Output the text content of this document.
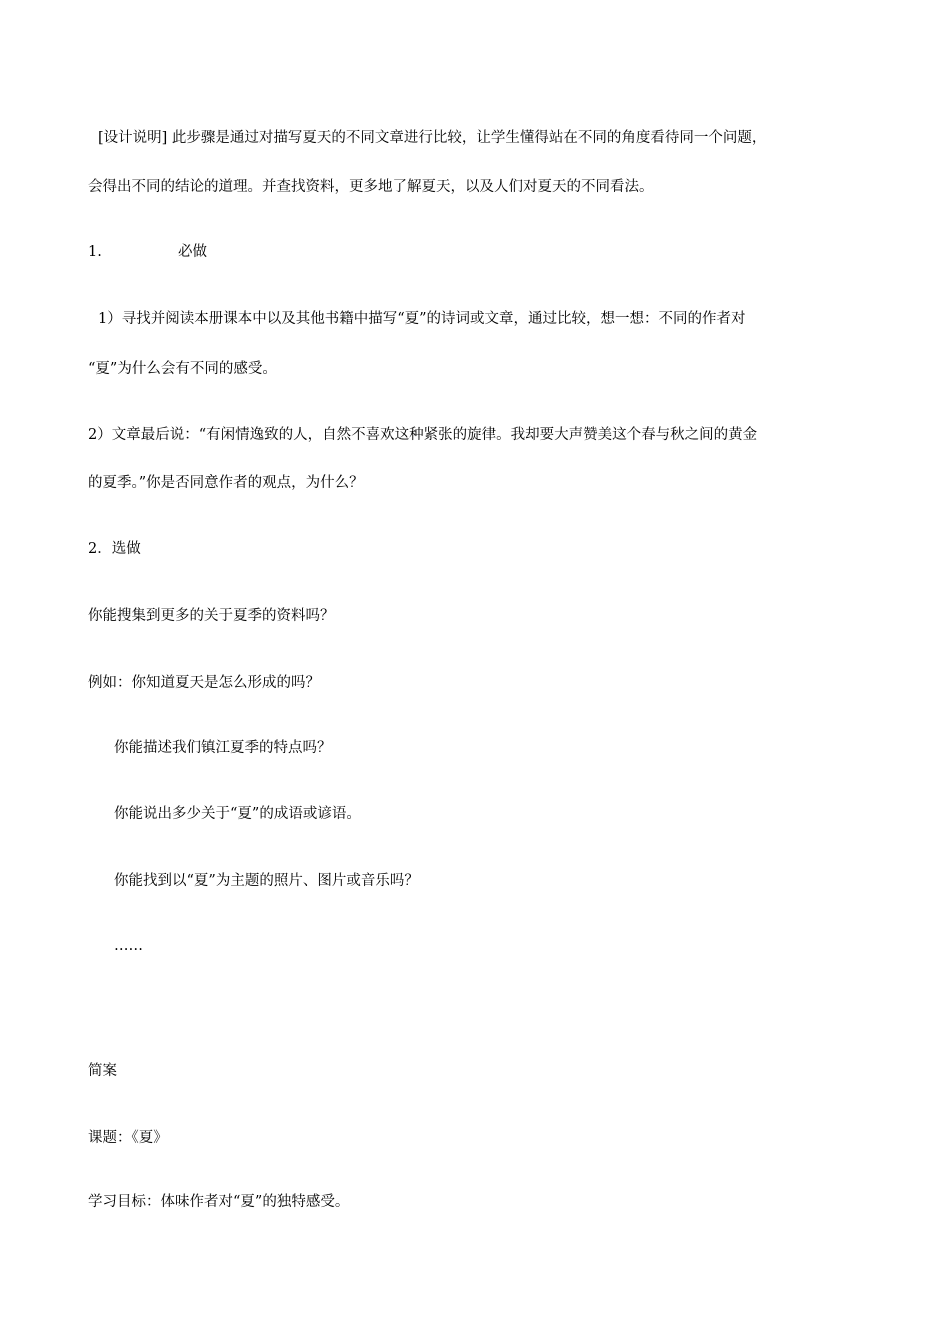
[设计说明] 此步骤是通过对描写夏天的不同文章进行比较，让学生懂得站在不同的角度看待同一个问题，
会得出不同的结论的道理。并查找资料，更多地了解夏天，以及人们对夏天的不同看法。
1.	必做
1）寻找并阅读本册课本中以及其他书籍中描写“夏”的诗词或文章，通过比较，想一想：不同的作者对
“夏”为什么会有不同的感受。
2）文章最后说：“有闲情逸致的人，自然不喜欢这种紧张的旋律。我却要大声赞美这个春与秋之间的黄金
的夏季。”你是否同意作者的观点，为什么？
2．选做
你能搜集到更多的关于夏季的资料吗？
例如：你知道夏天是怎么形成的吗？
你能描述我们镇江夏季的特点吗？
你能说出多少关于“夏”的成语或谚语。
你能找到以“夏”为主题的照片、图片或音乐吗？
……
简案
课题：《夏》
学习目标：体味作者对“夏”的独特感受。
